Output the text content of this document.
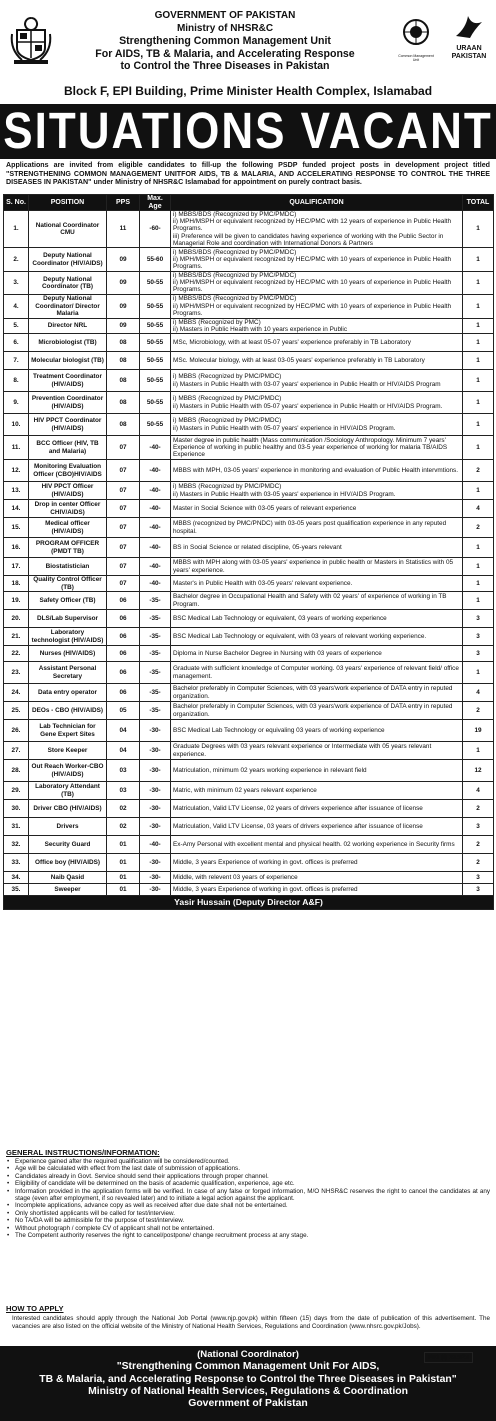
GOVERNMENT OF PAKISTAN
Ministry of NHSR&C
Strengthening Common Management Unit
For AIDS, TB & Malaria, and Accelerating Response
to Control the Three Diseases in Pakistan
Common Management Unit
URAAN PAKISTAN
Block F, EPI Building, Prime Minister Health Complex, Islamabad
SITUATIONS VACANT
Applications are invited from eligible candidates to fill-up the following PSDP funded project posts in development project titled "STRENGTHENING COMMON MANAGEMENT UNITFOR AIDS, TB & MALARIA, AND ACCELERATING RESPONSE TO CONTROL THE THREE DISEASES IN PAKISTAN" under Ministry of NHSR&C Islamabad for appointment on purely contract basis.
S. No.	POSITION	PPS	Max. Age	QUALIFICATION	TOTAL
1.	National Coordinator CMU	11	-60-	i) MBBS/BDS (Recognized by PMC/PMDC)
ii) MPH/MSPH or equivalent recognized by HEC/PMC with 12 years of experience in Public Health Programs.
iii) Preference will be given to candidates having experience of working with the Public Sector in Managerial Role and coordination with International Donors & Partners	1
2.	Deputy National Coordinator (HIV/AIDS)	09	55-60	i) MBBS/BDS (Recognized by PMC/PMDC)
ii) MPH/MSPH or equivalent recognized by HEC/PMC with 10 years of experience in Public Health Programs.	1
3.	Deputy National Coordinator (TB)	09	50-55	i) MBBS/BDS (Recognized by PMC/PMDC)
ii) MPH/MSPH or equivalent recognized by HEC/PMC with 10 years of experience in Public Health Programs.	1
4.	Deputy National Coordinator/ Director Malaria	09	50-55	i) MBBS/BDS (Recognized by PMC/PMDC)
ii) MPH/MSPH or equivalent recognized by HEC/PMC with 10 years of experience in Public Health Programs.	1
5.	Director NRL	09	50-55	i) MBBS (Recognized by PMC)
ii) Masters in Public Health with 10 years experience in Public	1
6.	Microbiologist (TB)	08	50-55	MSc, Microbiology, with at least 05-07 years' experience preferably in TB Laboratory	1
7.	Molecular biologist (TB)	08	50-55	MSc. Molecular biology, with at least 03-05 years' experience preferably in TB Laboratory	1
8.	Treatment Coordinator (HIV/AIDS)	08	50-55	i) MBBS (Recognized by PMC/PMDC)
ii) Masters in Public Health with 03-07 years' experience in Public Health or HIV/AIDS Program	1
9.	Prevention Coordinator (HIV/AIDS)	08	50-55	i) MBBS (Recognized by PMC/PMDC)
ii) Masters in Public Health with 05-07 years' experience in Public Health or HIV/AIDS Program.	1
10.	HIV PPCT Coordinator (HIV/AIDS)	08	50-55	i) MBBS (Recognized by PMC/PMDC)
ii) Masters in Public Health with 05-07 years' experience in HIV/AIDS Program.	1
11.	BCC Officer (HIV, TB and Malaria)	07	-40-	Master degree in public health (Mass communication /Sociology Anthropology. Minimum 7 years' Experience of working in public healthy and 03-5 year experience of working for malaria TB/AIDS Experience	1
12.	Monitoring Evaluation Officer (CBO)HIV/AIDS	07	-40-	MBBS with MPH, 03-05 years' experience in monitoring and evaluation of Public Health intervmtions.	2
13.	HIV PPCT Officer (HIV/AIDS)	07	-40-	i) MBBS (Recognized by PMC/PMDC)
ii) Masters in Public Health with 03-05 years' experience in HIV/AIDS Program.	1
14.	Drop in center Officer CHIV/AIDS)	07	-40-	Master in Social Science with 03-05 years of relevant experience	4
15.	Medical officer (HIV/AIDS)	07	-40-	MBBS (recognized by PMC/PNDC) with 03-05 years post qualification experience in any reputed hospital.	2
16.	PROGRAM OFFICER (PMDT TB)	07	-40-	BS in Social Science or related discipline, 05-years relevant	1
17.	Biostatistician	07	-40-	MBBS with MPH along with 03-05 years' experience in public health or Masters in Statistics with 05 years' experience.	1
18.	Quality Control Officer (TB)	07	-40-	Master's in Public Health with 03-05 years' relevant experience.	1
19.	Safety Officer (TB)	06	-35-	Bachelor degree in Occupational Health and Safety with 02 years' of experience of working in TB Program.	1
20.	DLS/Lab Supervisor	06	-35-	BSC Medical Lab Technology or equivalent, 03 years of working experience	3
21.	Laboratory technologist (HIV/AIDS)	06	-35-	BSC Medical Lab Technology or equivalent, with 03 years of relevant working experience.	3
22.	Nurses (HIV/AIDS)	06	-35-	Diploma in Nurse Bachelor Degree in Nursing with 03 years of experience	3
23.	Assistant Personal Secretary	06	-35-	Graduate with sufficient knowledge of Computer working. 03 years' experience of relevant field/ office management.	1
24.	Data entry operator	06	-35-	Bachelor preferably in Computer Sciences, with 03 years'work experience of DATA entry in reputed organization.	4
25.	DEOs - CBO (HIV/AIDS)	05	-35-	Bachelor preferably in Computer Sciences, with 03 years'work experience of DATA entry in reputed organization.	2
26.	Lab Technician for Gene Expert Sites	04	-30-	BSC Medical Lab Technology or equivaling 03 years of working experience	19
27.	Store Keeper	04	-30-	Graduate Degrees with 03 years relevant experience or Intermediate with 05 years relevant experience.	1
28.	Out Reach Worker-CBO (HIV/AIDS)	03	-30-	Matriculation, minimum 02 years working experience in relevant field	12
29.	Laboratory Attendant (TB)	03	-30-	Matric, with minimum 02 years relevant experience	4
30.	Driver CBO (HIV/AIDS)	02	-30-	Matriculation, Valid LTV License, 02 years of drivers experience after issuance of license	2
31.	Drivers	02	-30-	Matriculation, Valid LTV License, 03 years of drivers experience after issuance of license	3
32.	Security Guard	01	-40-	Ex-Amy Personal with excellent mental and physical health. 02 working experience in Security firms	2
33.	Office boy (HIV/AIDS)	01	-30-	Middle, 3 years Experience of working in govt. offices is preferred	2
34.	Naib Qasid	01	-30-	Middle, with relevent 03 years of experience	3
35.	Sweeper	01	-30-	Middle, 3 years Experience of working in govt. offices is preferred	3
Yasir Hussain (Deputy Director A&F)					
GENERAL INSTRUCTIONS/INFORMATION:
• Experience gained after the required qualification will be considered/counted.
• Age will be calculated with effect from the last date of submission of applications.
• Candidates already in Govt. Service should send their applications through proper channel.
• Eligibility of candidate will be determined on the basis of academic qualification, experience, age etc.
• Information provided in the application forms will be verified. In case of any false or forged information, M/O NHSR&C reserves the right to cancel the candidates at any stage (even after employment, if so revealed later) and to initiate a legal action against the applicant.
• Incomplete applications, advance copy as well as received after due date shall not be entertained.
• Only shortlisted applicants will be called for test/interview.
• No TA/DA will be admissible for the purpose of test/interview.
• Without photograph / complete CV of applicant shall not be entertained.
• The Competent authority reserves the right to cancel/postpone/ change recruitment process at any stage.
HOW TO APPLY
Interested candidates should apply through the National Job Portal (www.njp.gov.pk) within fifteen (15) days from the date of publication of this advertisement. The vacancies are also listed on the official website of the Ministry of National Health Services, Regulations and Coordination (www.nhsrc.gov.pk/Jobs).
(National Coordinator)
"Strengthening Common Management Unit For AIDS,
TB & Malaria, and Accelerating Response to Control the Three Diseases in Pakistan"
Ministry of National Health Services, Regulations & Coordination
Government of Pakistan
PID (I) 154/25
